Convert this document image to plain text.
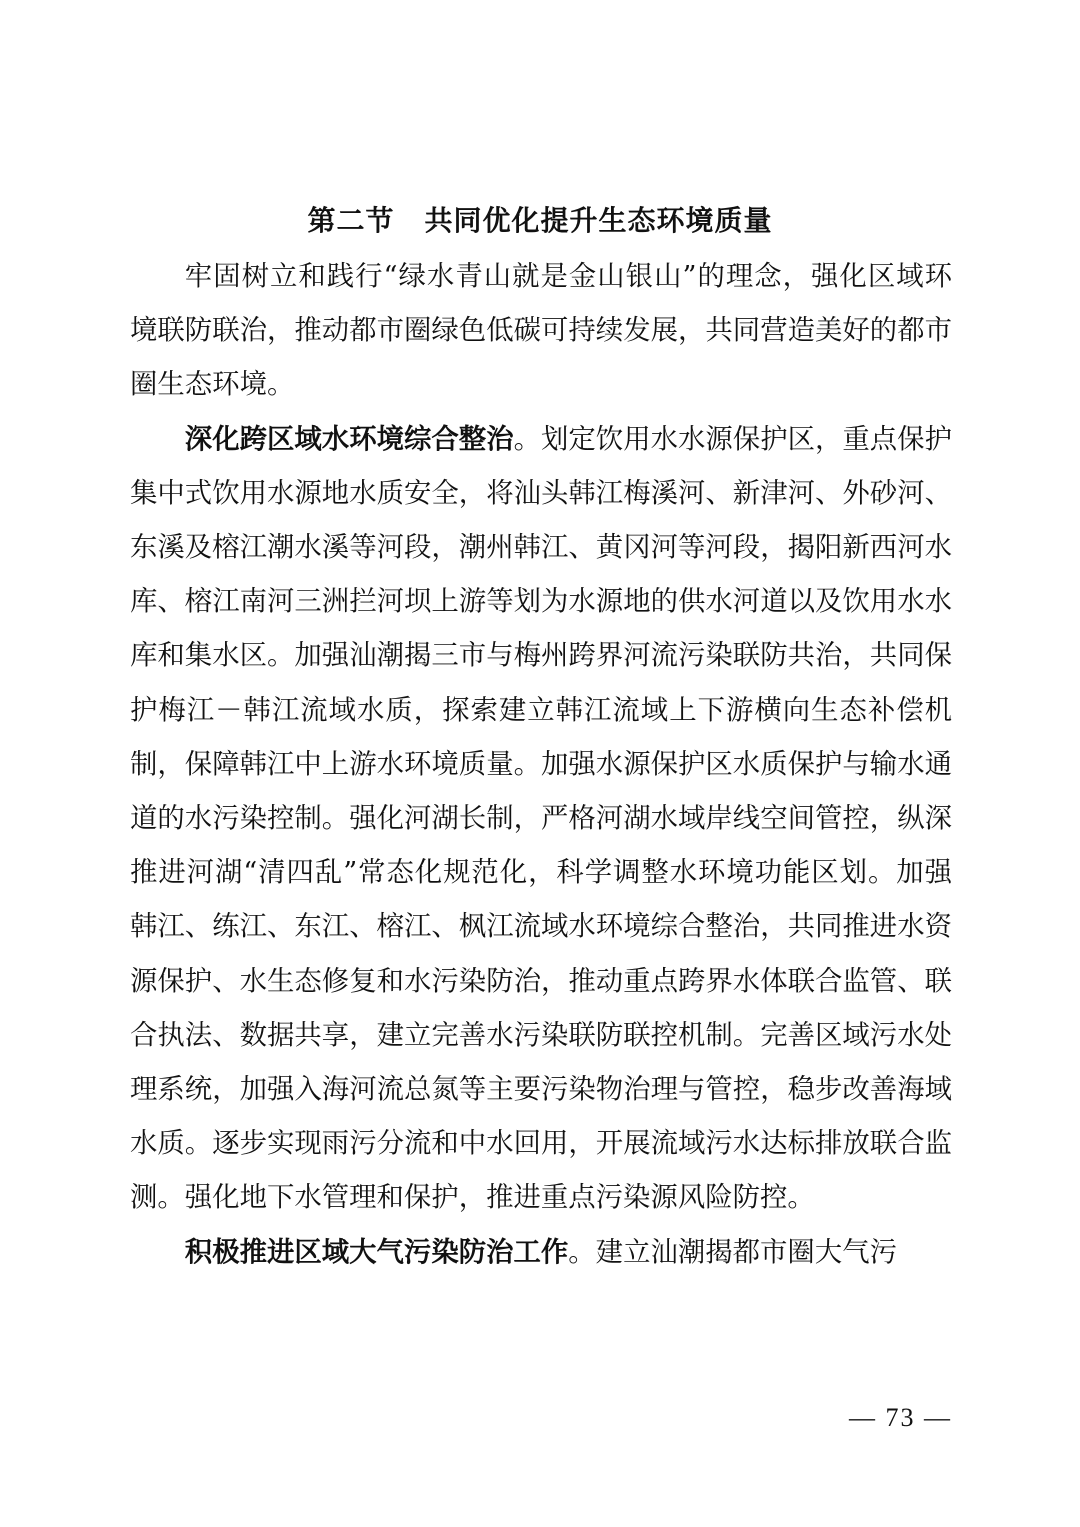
第二节 共同优化提升生态环境质量

牢固树立和践行“绿水青山就是金山银山”的理念，强化区域环境联防联治，推动都市圈绿色低碳可持续发展，共同营造美好的都市圈生态环境。

深化跨区域水环境综合整治。划定饮用水水源保护区，重点保护集中式饮用水源地水质安全，将汕头韩江梅溪河、新津河、外砂河、东溪及榕江潮水溪等河段，潮州韩江、黄冈河等河段，揭阳新西河水库、榕江南河三洲拦河坝上游等划为水源地的供水河道以及饮用水水库和集水区。加强汕潮揭三市与梅州跨界河流污染联防共治，共同保护梅江－韩江流域水质，探索建立韩江流域上下游横向生态补偿机制，保障韩江中上游水环境质量。加强水源保护区水质保护与输水通道的水污染控制。强化河湖长制，严格河湖水域岸线空间管控，纵深推进河湖“清四乱”常态化规范化，科学调整水环境功能区划。加强韩江、练江、东江、榕江、枫江流域水环境综合整治，共同推进水资源保护、水生态修复和水污染防治，推动重点跨界水体联合监管、联合执法、数据共享，建立完善水污染联防联控机制。完善区域污水处理系统，加强入海河流总氮等主要污染物治理与管控，稳步改善海域水质。逐步实现雨污分流和中水回用，开展流域污水达标排放联合监测。强化地下水管理和保护，推进重点污染源风险防控。

积极推进区域大气污染防治工作。建立汕潮揭都市圈大气污

— 73 —
